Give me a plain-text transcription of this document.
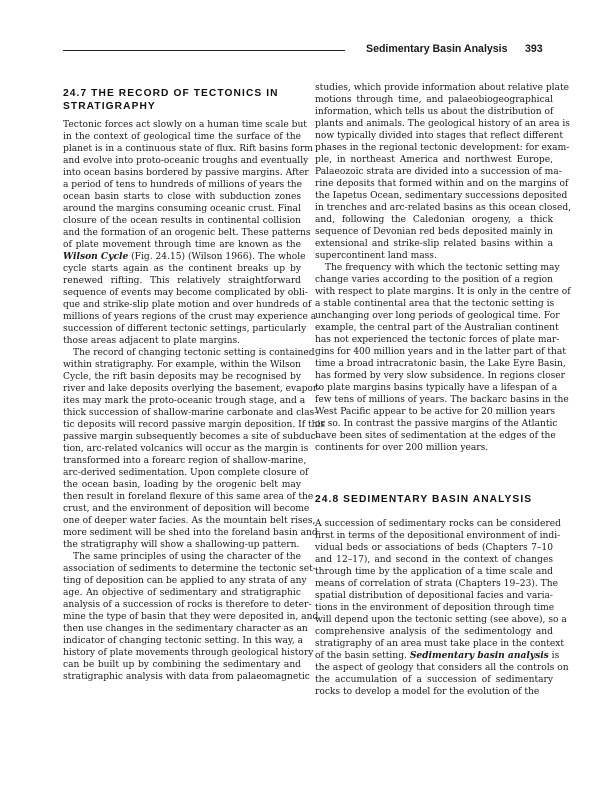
Sedimentary Basin Analysis 393
24.7 THE RECORD OF TECTONICS IN
STRATIGRAPHY
Tectonic forces act slowly on a human time scale but
in the context of geological time the surface of the
planet is in a continuous state of flux. Rift basins form
and evolve into proto-oceanic troughs and eventually
into ocean basins bordered by passive margins. After
a period of tens to hundreds of millions of years the
ocean basin starts to close with subduction zones
around the margins consuming oceanic crust. Final
closure of the ocean results in continental collision
and the formation of an orogenic belt. These patterns
of plate movement through time are known as the
Wilson Cycle (Fig. 24.15) (Wilson 1966). The whole
cycle starts again as the continent breaks up by
renewed rifting. This relatively straightforward
sequence of events may become complicated by obli-
que and strike-slip plate motion and over hundreds of
millions of years regions of the crust may experience a
succession of different tectonic settings, particularly
those areas adjacent to plate margins.
The record of changing tectonic setting is contained
within stratigraphy. For example, within the Wilson
Cycle, the rift basin deposits may be recognised by
river and lake deposits overlying the basement, evapor-
ites may mark the proto-oceanic trough stage, and a
thick succession of shallow-marine carbonate and clas-
tic deposits will record passive margin deposition. If this
passive margin subsequently becomes a site of subduc-
tion, arc-related volcanics will occur as the margin is
transformed into a forearc region of shallow-marine,
arc-derived sedimentation. Upon complete closure of
the ocean basin, loading by the orogenic belt may
then result in foreland flexure of this same area of the
crust, and the environment of deposition will become
one of deeper water facies. As the mountain belt rises,
more sediment will be shed into the foreland basin and
the stratigraphy will show a shallowing-up pattern.
The same principles of using the character of the
association of sediments to determine the tectonic set-
ting of deposition can be applied to any strata of any
age. An objective of sedimentary and stratigraphic
analysis of a succession of rocks is therefore to deter-
mine the type of basin that they were deposited in, and
then use changes in the sedimentary character as an
indicator of changing tectonic setting. In this way, a
history of plate movements through geological history
can be built up by combining the sedimentary and
stratigraphic analysis with data from palaeomagnetic
studies, which provide information about relative plate
motions through time, and palaeobiogeographical
information, which tells us about the distribution of
plants and animals. The geological history of an area is
now typically divided into stages that reflect different
phases in the regional tectonic development: for exam-
ple, in northeast America and northwest Europe,
Palaeozoic strata are divided into a succession of ma-
rine deposits that formed within and on the margins of
the Iapetus Ocean, sedimentary successions deposited
in trenches and arc-related basins as this ocean closed,
and, following the Caledonian orogeny, a thick
sequence of Devonian red beds deposited mainly in
extensional and strike-slip related basins within a
supercontinent land mass.
The frequency with which the tectonic setting may
change varies according to the position of a region
with respect to plate margins. It is only in the centre of
a stable continental area that the tectonic setting is
unchanging over long periods of geological time. For
example, the central part of the Australian continent
has not experienced the tectonic forces of plate mar-
gins for 400 million years and in the latter part of that
time a broad intracratonic basin, the Lake Eyre Basin,
has formed by very slow subsidence. In regions closer
to plate margins basins typically have a lifespan of a
few tens of millions of years. The backarc basins in the
West Pacific appear to be active for 20 million years
or so. In contrast the passive margins of the Atlantic
have been sites of sedimentation at the edges of the
continents for over 200 million years.
24.8 SEDIMENTARY BASIN ANALYSIS
A succession of sedimentary rocks can be considered
first in terms of the depositional environment of indi-
vidual beds or associations of beds (Chapters 7–10
and 12–17), and second in the context of changes
through time by the application of a time scale and
means of correlation of strata (Chapters 19–23). The
spatial distribution of depositional facies and varia-
tions in the environment of deposition through time
will depend upon the tectonic setting (see above), so a
comprehensive analysis of the sedimentology and
stratigraphy of an area must take place in the context
of the basin setting. Sedimentary basin analysis is
the aspect of geology that considers all the controls on
the accumulation of a succession of sedimentary
rocks to develop a model for the evolution of the
